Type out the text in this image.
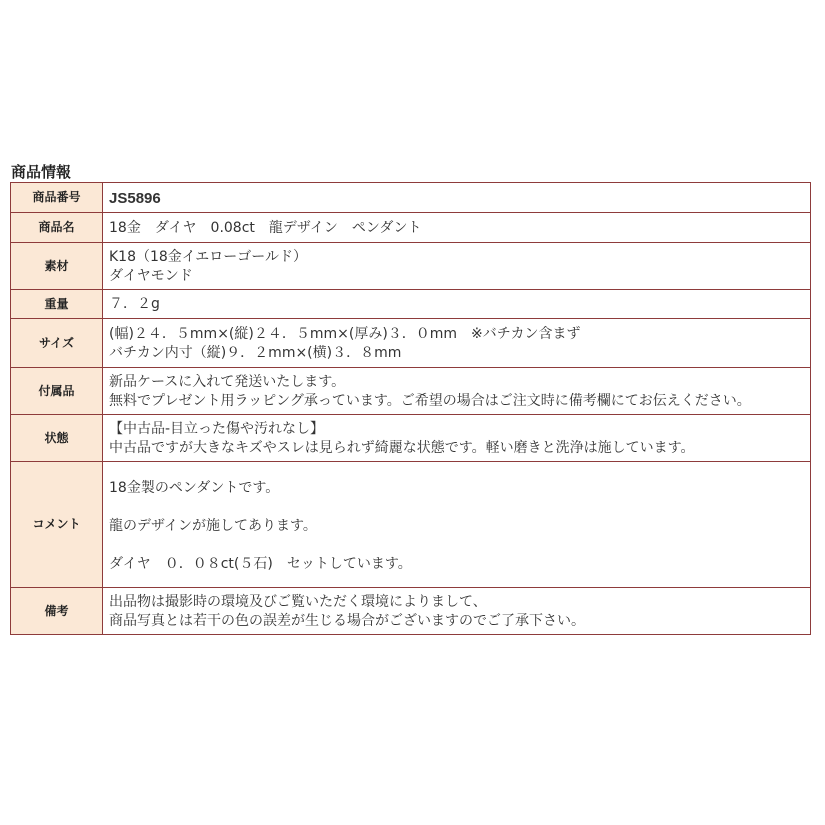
商品情報
商品番号	JS5896

商品名	18金　ダイヤ　0.08ct　龍デザイン　ペンダント

素材	K18（18金イエローゴールド）
ダイヤモンド

重量	７．２g

サイズ	(幅)２４．５mm×(縦)２４．５mm×(厚み)３．０mm　※バチカン含まず
バチカン内寸（縦)９．２mm×(横)３．８mm

付属品	新品ケースに入れて発送いたします。
無料でプレゼント用ラッピング承っています。ご希望の場合はご注文時に備考欄にてお伝えください。

状態	【中古品-目立った傷や汚れなし】
中古品ですが大きなキズやスレは見られず綺麗な状態です。軽い磨きと洗浄は施しています。

コメント	18金製のペンダントです。
龍のデザインが施してあります。
ダイヤ　０．０８ct(５石)　セットしています。

備考	出品物は撮影時の環境及びご覧いただく環境によりまして、
商品写真とは若干の色の誤差が生じる場合がございますのでご了承下さい。
